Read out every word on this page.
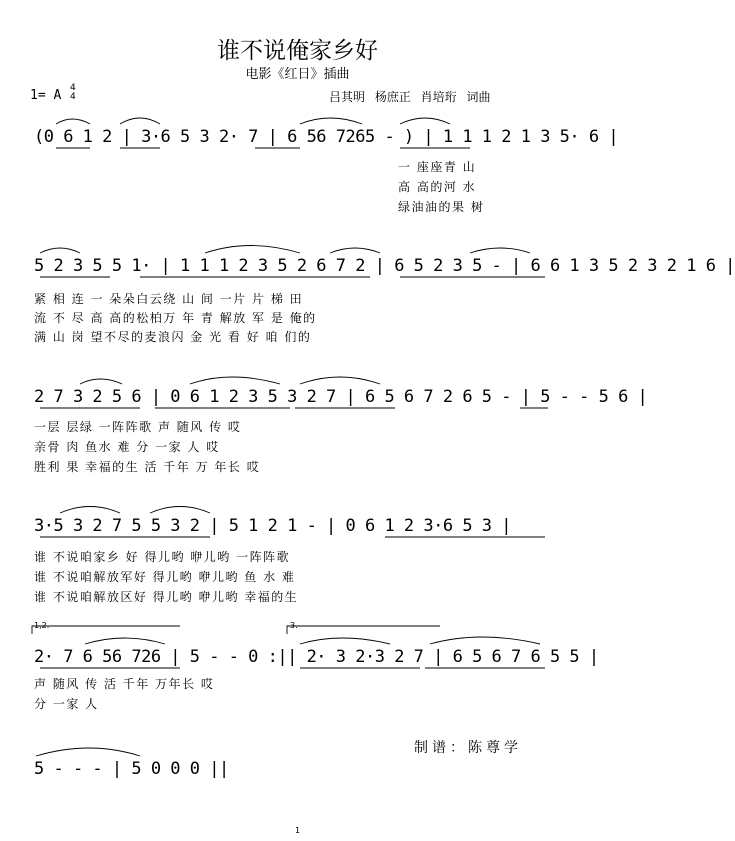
谁不说俺家乡好
电影《红日》插曲
1= A 4
4	吕其明 杨庶正 肖培珩 词曲
(0 6 1 2 | 3·6 5 3 2· 7 | 6 56 7265 - ) | 1 1 1 2 1 3 5· 6 |
一 座座青 山
高 高的河 水
绿油油的果 树
5 2 3 5 5 1· | 1 1 1 2 3 5 2 6 7 2 | 6 5 2 3 5 - | 6 6 1 3 5 2 3 2 1 6 |
紧 相 连 一 朵朵白云绕 山 间 一片 片 梯 田
流 不 尽 高 高的松柏万 年 青 解放 军 是 俺的
满 山 岗 望不尽的麦浪闪 金 光 看 好 咱 们的
2 7 3 2 5 6 | 0 6 1 2 3 5 3 2 7 | 6 5 6 7 2 6 5 - | 5 - - 5 6 |
一层 层绿 一阵阵歌 声 随风 传 哎
亲骨 肉 鱼水 难 分 一家 人 哎
胜利 果 幸福的生 活 千年 万 年长 哎
3·5 3 2 7 5 5 3 2 | 5 1 2 1 - | 0 6 1 2 3·6 5 3 |
谁 不说咱家乡 好 得儿哟 咿儿哟 一阵阵歌
谁 不说咱解放军好 得儿哟 咿儿哟 鱼 水 难
谁 不说咱解放区好 得儿哟 咿儿哟 幸福的生
1,2.	3.
2· 7 6 56 726 | 5 - - 0 :|| 2· 3 2·3 2 7 | 6 5 6 7 6 5 5 |
声 随风 传 活 千年 万年长 哎
分 一家 人
5 - - - | 5 0 0 0 ||
制谱：陈尊学
1
